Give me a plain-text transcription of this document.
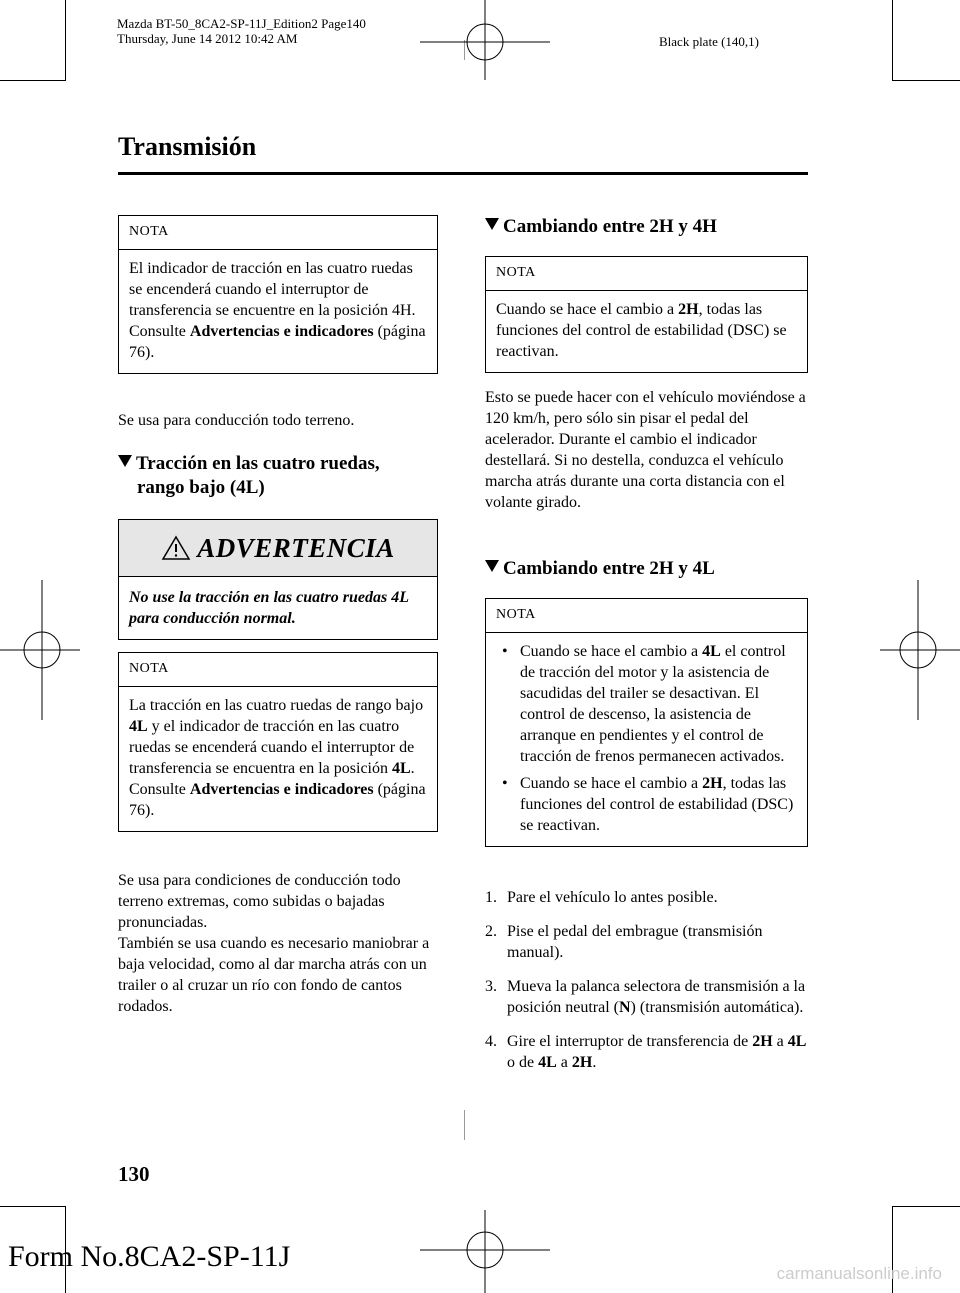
Mazda BT-50_8CA2-SP-11J_Edition2 Page140
Thursday, June 14 2012 10:42 AM	Black plate (140,1)
Transmisión
NOTA
El indicador de tracción en las cuatro ruedas se encenderá cuando el interruptor de transferencia se encuentre en la posición 4H. Consulte Advertencias e indicadores (página 76).
Se usa para conducción todo terreno.
Tracción en las cuatro ruedas,
rango bajo (4L)
ADVERTENCIA
No use la tracción en las cuatro ruedas 4L para conducción normal.
NOTA
La tracción en las cuatro ruedas de rango bajo 4L y el indicador de tracción en las cuatro ruedas se encenderá cuando el interruptor de transferencia se encuentra en la posición 4L. Consulte Advertencias e indicadores (página 76).
Se usa para condiciones de conducción todo terreno extremas, como subidas o bajadas pronunciadas.
También se usa cuando es necesario maniobrar a baja velocidad, como al dar marcha atrás con un trailer o al cruzar un río con fondo de cantos rodados.
Cambiando entre 2H y 4H
NOTA
Cuando se hace el cambio a 2H, todas las funciones del control de estabilidad (DSC) se reactivan.
Esto se puede hacer con el vehículo moviéndose a 120 km/h, pero sólo sin pisar el pedal del acelerador. Durante el cambio el indicador destellará. Si no destella, conduzca el vehículo marcha atrás durante una corta distancia con el volante girado.
Cambiando entre 2H y 4L
NOTA
• Cuando se hace el cambio a 4L el control de tracción del motor y la asistencia de sacudidas del trailer se desactivan. El control de descenso, la asistencia de arranque en pendientes y el control de tracción de frenos permanecen activados.
• Cuando se hace el cambio a 2H, todas las funciones del control de estabilidad (DSC) se reactivan.
1. Pare el vehículo lo antes posible.
2. Pise el pedal del embrague (transmisión manual).
3. Mueva la palanca selectora de transmisión a la posición neutral (N) (transmisión automática).
4. Gire el interruptor de transferencia de 2H a 4L o de 4L a 2H.
130
Form No.8CA2-SP-11J
carmanualsonline.info
